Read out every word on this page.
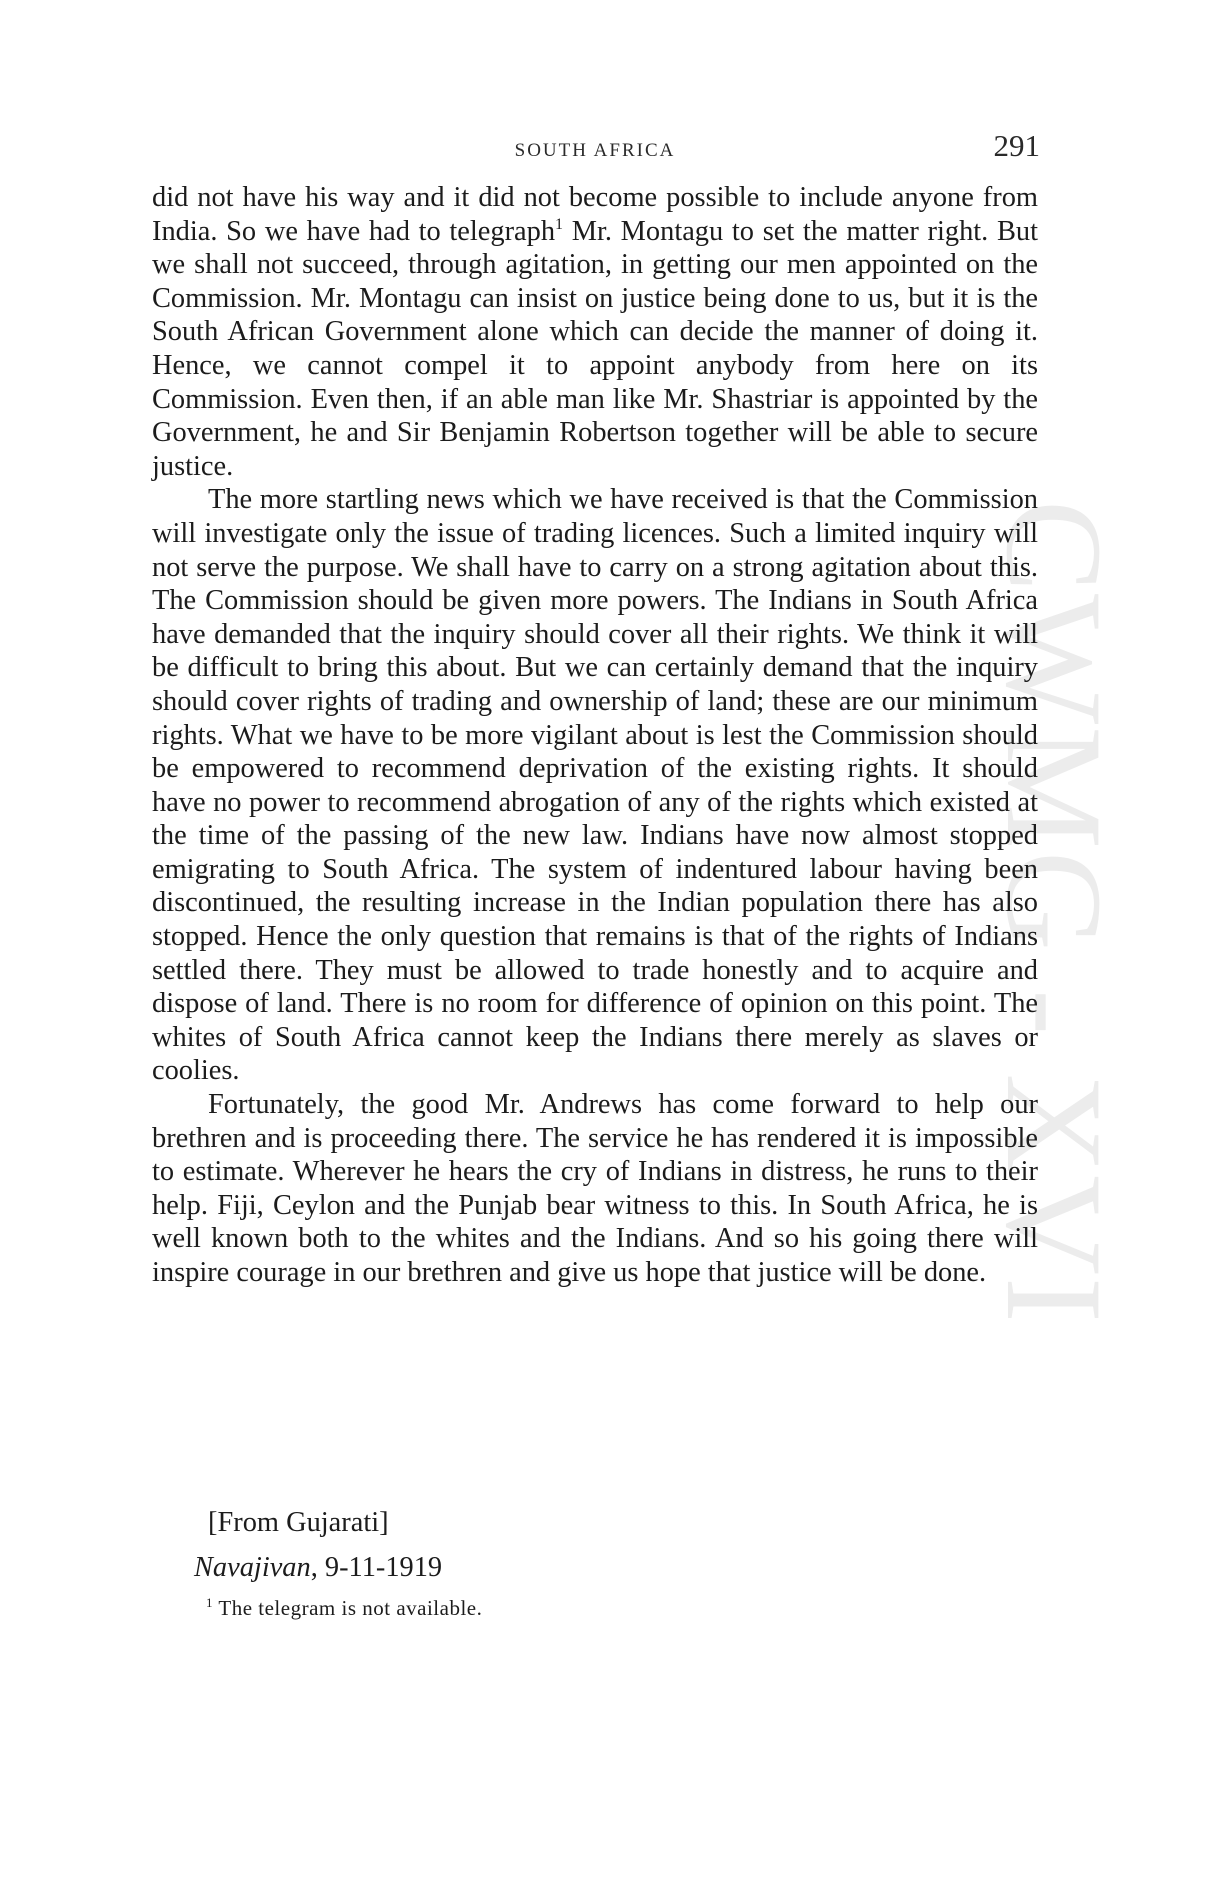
CWMG - XVI
SOUTH AFRICA	291

did not have his way and it did not become possible to include anyone from India. So we have had to telegraph$^1$ Mr. Montagu to set the matter right. But we shall not succeed, through agitation, in getting our men appointed on the Commission. Mr. Montagu can insist on justice being done to us, but it is the South African Government alone which can decide the manner of doing it. Hence, we cannot compel it to appoint anybody from here on its Commission. Even then, if an able man like Mr. Shastriar is appointed by the Government, he and Sir Benjamin Robertson together will be able to secure justice.

The more startling news which we have received is that the Commission will investigate only the issue of trading licences. Such a limited inquiry will not serve the purpose. We shall have to carry on a strong agitation about this. The Commission should be given more powers. The Indians in South Africa have demanded that the inquiry should cover all their rights. We think it will be difficult to bring this about. But we can certainly demand that the inquiry should cover rights of trading and ownership of land; these are our minimum rights. What we have to be more vigilant about is lest the Commission should be empowered to recommend deprivation of the existing rights. It should have no power to recommend abrogation of any of the rights which existed at the time of the passing of the new law. Indians have now almost stopped emigrating to South Africa. The system of indentured labour having been discontinued, the resulting increase in the Indian population there has also stopped. Hence the only question that remains is that of the rights of Indians settled there. They must be allowed to trade honestly and to acquire and dispose of land. There is no room for difference of opinion on this point. The whites of South Africa cannot keep the Indians there merely as slaves or coolies.

Fortunately, the good Mr. Andrews has come forward to help our brethren and is proceeding there. The service he has rendered it is impossible to estimate. Wherever he hears the cry of Indians in distress, he runs to their help. Fiji, Ceylon and the Punjab bear witness to this. In South Africa, he is well known both to the whites and the Indians. And so his going there will inspire courage in our brethren and give us hope that justice will be done.

[From Gujarati]
Navajivan, 9-11-1919
$^1$ The telegram is not available.
